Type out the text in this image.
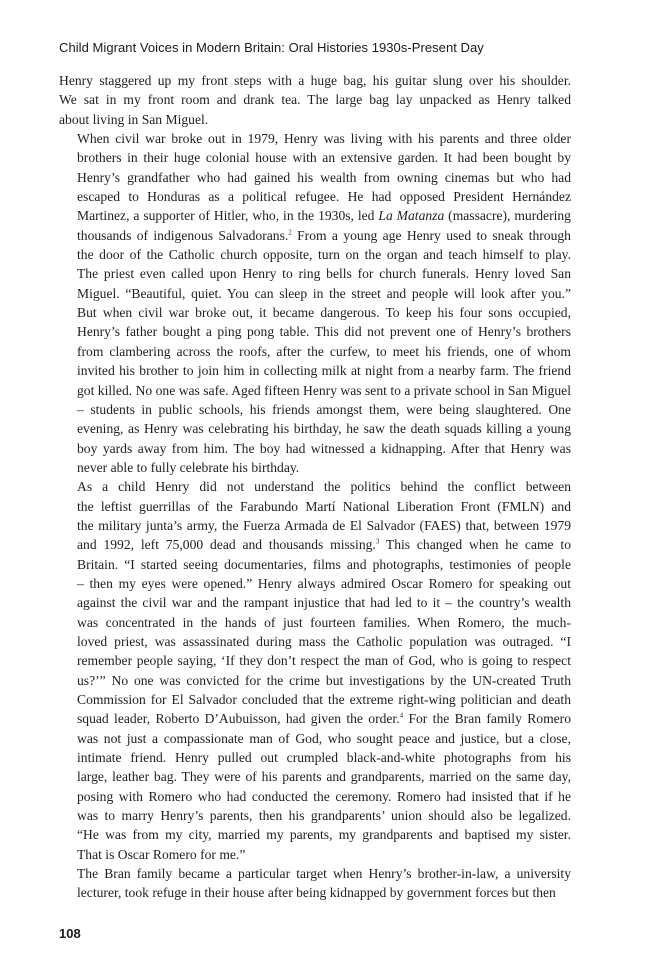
Child Migrant Voices in Modern Britain: Oral Histories 1930s-Present Day

Henry staggered up my front steps with a huge bag, his guitar slung over his shoulder.
We sat in my front room and drank tea. The large bag lay unpacked as Henry talked
about living in San Miguel.

When civil war broke out in 1979, Henry was living with his parents and three older
brothers in their huge colonial house with an extensive garden. It had been bought by
Henry’s grandfather who had gained his wealth from owning cinemas but who had
escaped to Honduras as a political refugee. He had opposed President Hernández
Martinez, a supporter of Hitler, who, in the 1930s, led La Matanza (massacre), murdering
thousands of indigenous Salvadorans.$^2$ From a young age Henry used to sneak through
the door of the Catholic church opposite, turn on the organ and teach himself to play.
The priest even called upon Henry to ring bells for church funerals. Henry loved San
Miguel. “Beautiful, quiet. You can sleep in the street and people will look after you.”
But when civil war broke out, it became dangerous. To keep his four sons occupied,
Henry’s father bought a ping pong table. This did not prevent one of Henry’s brothers
from clambering across the roofs, after the curfew, to meet his friends, one of whom
invited his brother to join him in collecting milk at night from a nearby farm. The friend
got killed. No one was safe. Aged fifteen Henry was sent to a private school in San Miguel
– students in public schools, his friends amongst them, were being slaughtered. One
evening, as Henry was celebrating his birthday, he saw the death squads killing a young
boy yards away from him. The boy had witnessed a kidnapping. After that Henry was
never able to fully celebrate his birthday.

As a child Henry did not understand the politics behind the conflict between
the leftist guerrillas of the Farabundo Martí National Liberation Front (FMLN) and
the military junta’s army, the Fuerza Armada de El Salvador (FAES) that, between 1979
and 1992, left 75,000 dead and thousands missing.$^3$ This changed when he came to
Britain. “I started seeing documentaries, films and photographs, testimonies of people
– then my eyes were opened.” Henry always admired Oscar Romero for speaking out
against the civil war and the rampant injustice that had led to it – the country’s wealth
was concentrated in the hands of just fourteen families. When Romero, the much-
loved priest, was assassinated during mass the Catholic population was outraged. “I
remember people saying, ‘If they don’t respect the man of God, who is going to respect
us?’” No one was convicted for the crime but investigations by the UN-created Truth
Commission for El Salvador concluded that the extreme right-wing politician and death
squad leader, Roberto D’Aubuisson, had given the order.$^4$ For the Bran family Romero
was not just a compassionate man of God, who sought peace and justice, but a close,
intimate friend. Henry pulled out crumpled black-and-white photographs from his
large, leather bag. They were of his parents and grandparents, married on the same day,
posing with Romero who had conducted the ceremony. Romero had insisted that if he
was to marry Henry’s parents, then his grandparents’ union should also be legalized.
“He was from my city, married my parents, my grandparents and baptised my sister.
That is Oscar Romero for me.”

The Bran family became a particular target when Henry’s brother-in-law, a university
lecturer, took refuge in their house after being kidnapped by government forces but then

108
